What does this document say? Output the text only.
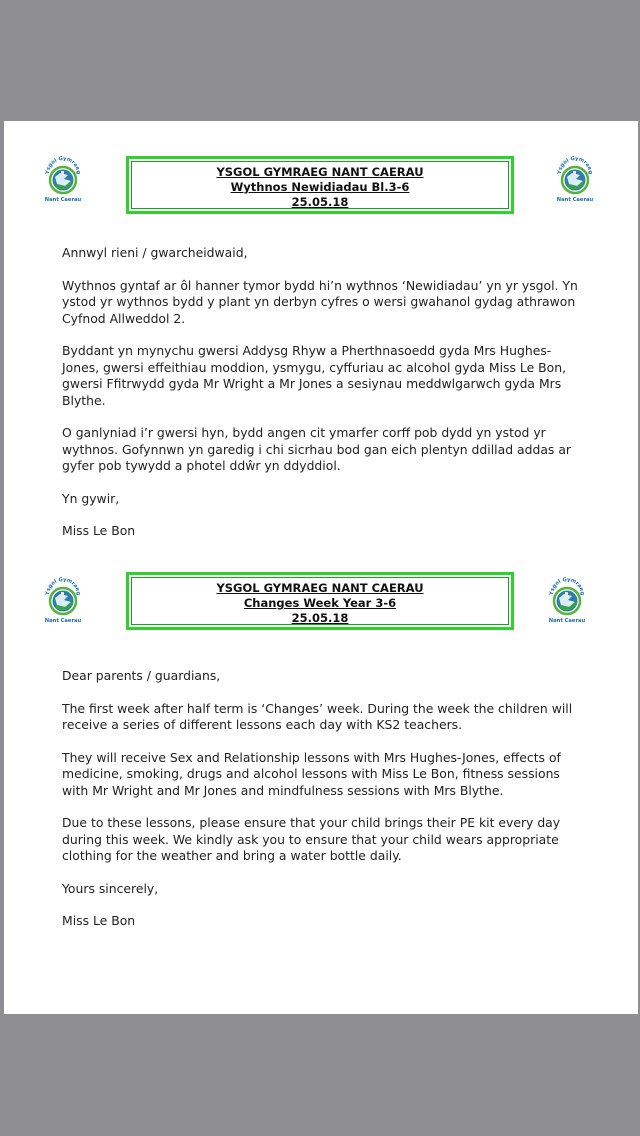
YSGOL GYMRAEG NANT CAERAU
Wythnos Newidiadau Bl.3-6
25.05.18

Annwyl rieni / gwarcheidwaid,

Wythnos gyntaf ar ôl hanner tymor bydd hi’n wythnos ‘Newidiadau’ yn yr ysgol. Yn ystod yr wythnos bydd y plant yn derbyn cyfres o wersi gwahanol gydag athrawon Cyfnod Allweddol 2.

Byddant yn mynychu gwersi Addysg Rhyw a Pherthnasoedd gyda Mrs Hughes-Jones, gwersi effeithiau moddion, ysmygu, cyffuriau ac alcohol gyda Miss Le Bon, gwersi Ffitrwydd gyda Mr Wright a Mr Jones a sesiynau meddwlgarwch gyda Mrs Blythe.

O ganlyniad i’r gwersi hyn, bydd angen cit ymarfer corff pob dydd yn ystod yr wythnos. Gofynnwn yn garedig i chi sicrhau bod gan eich plentyn ddillad addas ar gyfer pob tywydd a photel ddŵr yn ddyddiol.

Yn gywir,

Miss Le Bon

YSGOL GYMRAEG NANT CAERAU
Changes Week Year 3-6
25.05.18

Dear parents / guardians,

The first week after half term is ‘Changes’ week. During the week the children will receive a series of different lessons each day with KS2 teachers.

They will receive Sex and Relationship lessons with Mrs Hughes-Jones, effects of medicine, smoking, drugs and alcohol lessons with Miss Le Bon, fitness sessions with Mr Wright and Mr Jones and mindfulness sessions with Mrs Blythe.

Due to these lessons, please ensure that your child brings their PE kit every day during this week. We kindly ask you to ensure that your child wears appropriate clothing for the weather and bring a water bottle daily.

Yours sincerely,

Miss Le Bon
